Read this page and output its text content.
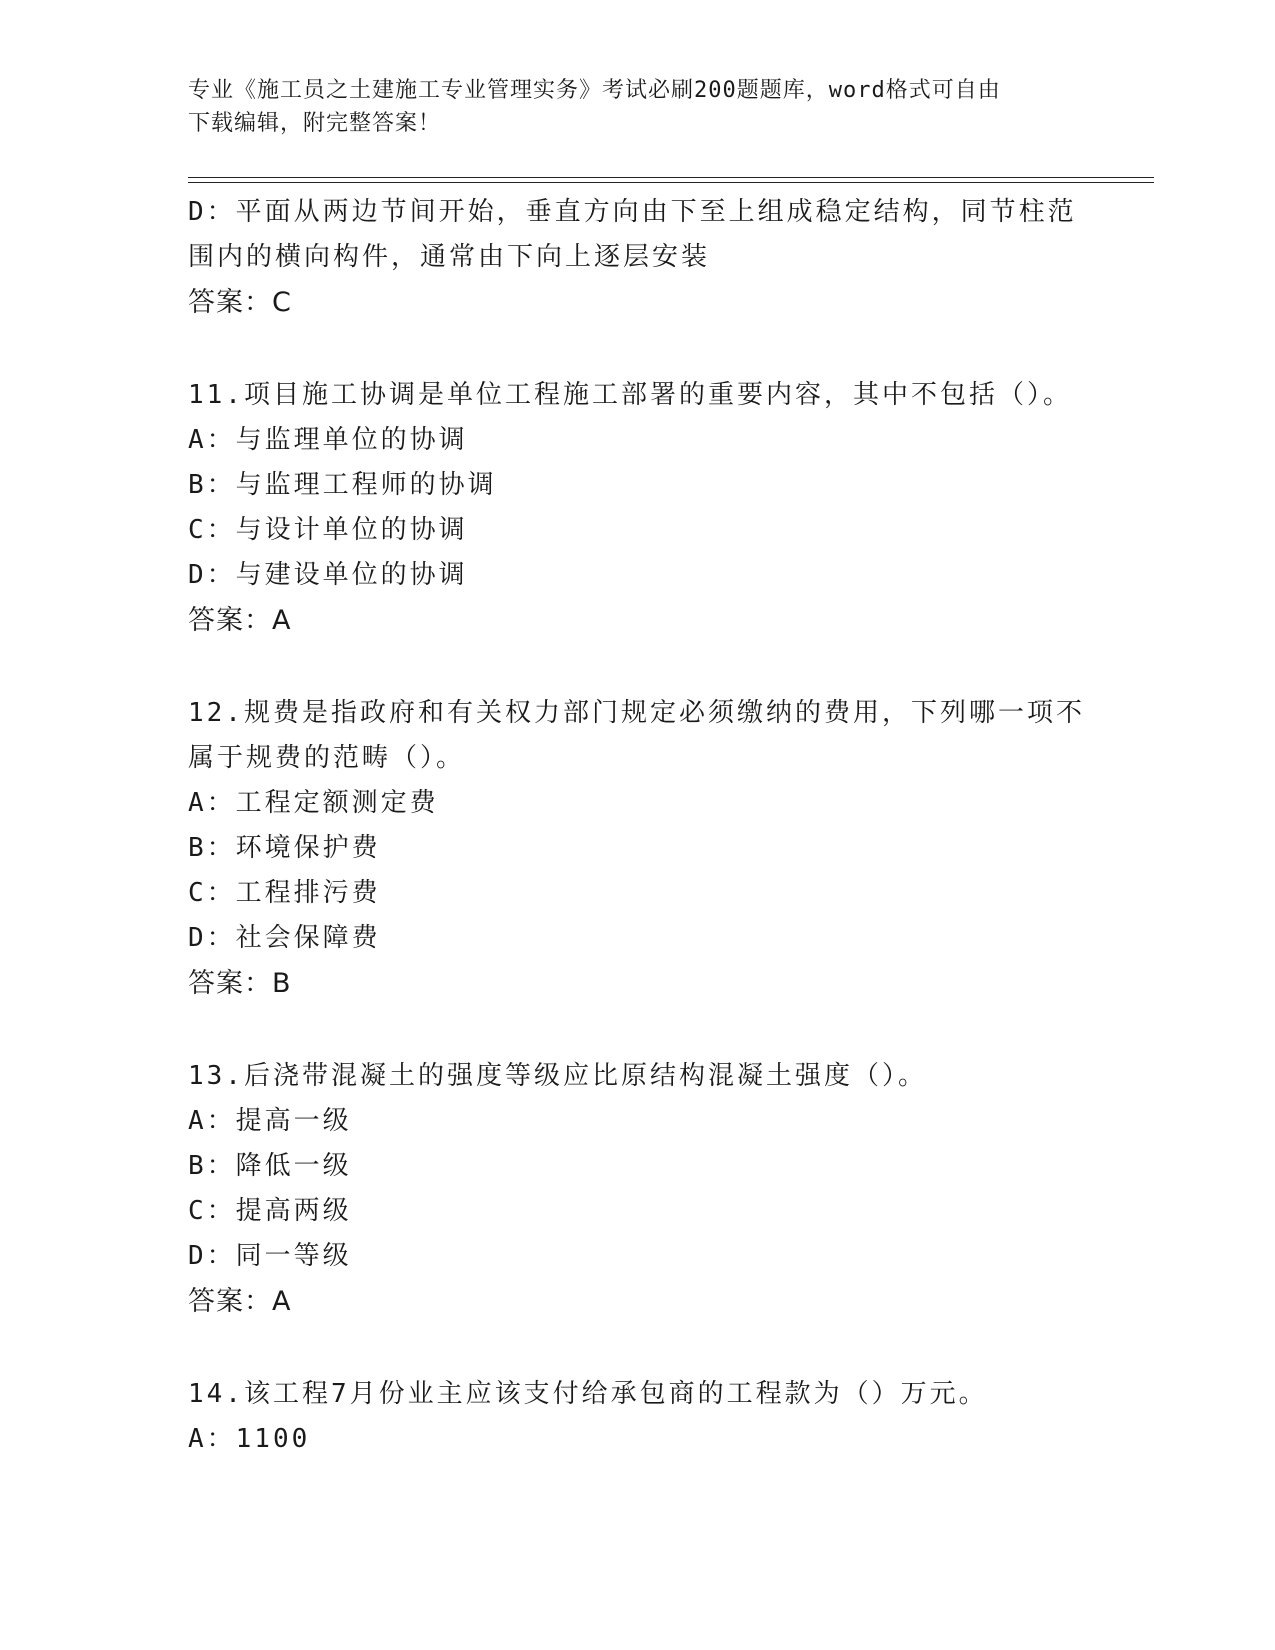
专业《施工员之土建施工专业管理实务》考试必刷200题题库，word格式可自由
下载编辑，附完整答案！
D：平面从两边节间开始，垂直方向由下至上组成稳定结构，同节柱范
围内的横向构件，通常由下向上逐层安装
答案：C
11.项目施工协调是单位工程施工部署的重要内容，其中不包括（）。
A：与监理单位的协调
B：与监理工程师的协调
C：与设计单位的协调
D：与建设单位的协调
答案：A
12.规费是指政府和有关权力部门规定必须缴纳的费用，下列哪一项不
属于规费的范畴（）。
A：工程定额测定费
B：环境保护费
C：工程排污费
D：社会保障费
答案：B
13.后浇带混凝土的强度等级应比原结构混凝土强度（）。
A：提高一级
B：降低一级
C：提高两级
D：同一等级
答案：A
14.该工程7月份业主应该支付给承包商的工程款为（）万元。
A：1100
